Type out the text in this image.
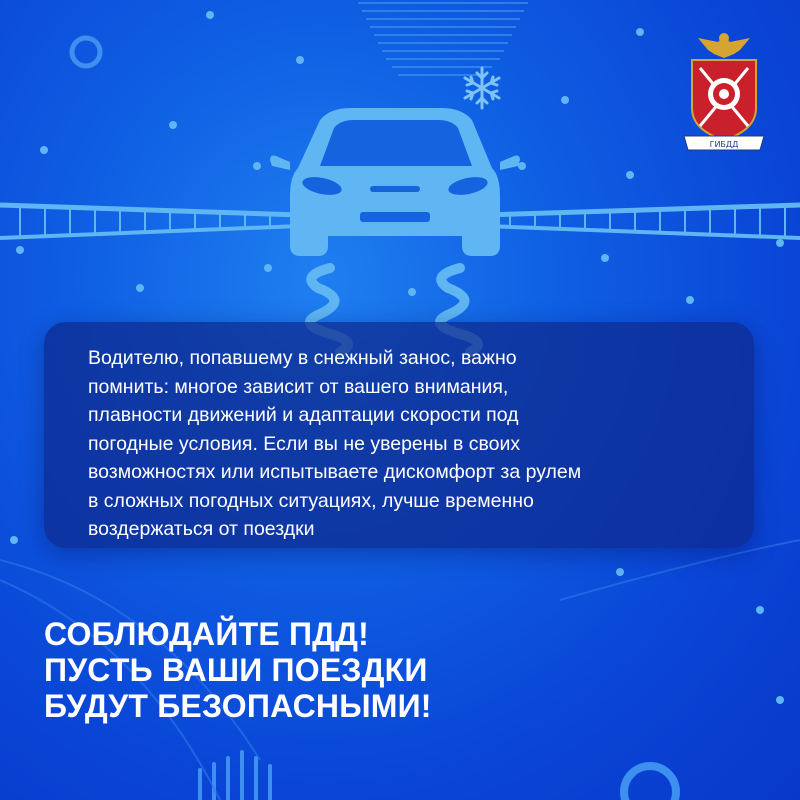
ГИБДД

Водителю, попавшему в снежный занос, важно
помнить: многое зависит от вашего внимания,
плавности движений и адаптации скорости под
погодные условия. Если вы не уверены в своих
возможностях или испытываете дискомфорт за рулем
в сложных погодных ситуациях, лучше временно
воздержаться от поездки

СОБЛЮДАЙТЕ ПДД!
ПУСТЬ ВАШИ ПОЕЗДКИ
БУДУТ БЕЗОПАСНЫМИ!
